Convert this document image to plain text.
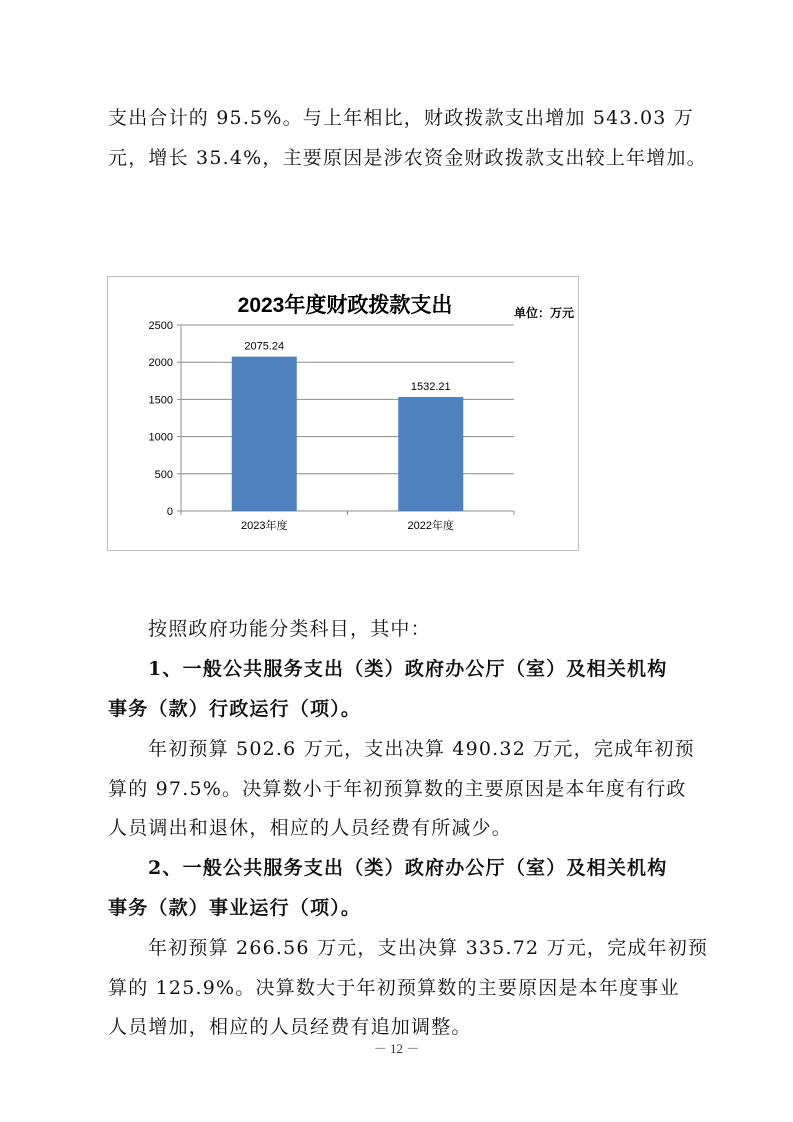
支出合计的 95.5%。与上年相比，财政拨款支出增加 543.03 万
元，增长 35.4%，主要原因是涉农资金财政拨款支出较上年增加。
2023年度财政拨款支出	单位：万元
0
500
1000
1500
2000
2500
2023年度	2022年度
2075.24
1532.21
按照政府功能分类科目，其中：
1、一般公共服务支出（类）政府办公厅（室）及相关机构
事务（款）行政运行（项）。
年初预算 502.6 万元，支出决算 490.32 万元，完成年初预
算的 97.5%。决算数小于年初预算数的主要原因是本年度有行政
人员调出和退休，相应的人员经费有所减少。
2、一般公共服务支出（类）政府办公厅（室）及相关机构
事务（款）事业运行（项）。
年初预算 266.56 万元，支出决算 335.72 万元，完成年初预
算的 125.9%。决算数大于年初预算数的主要原因是本年度事业
人员增加，相应的人员经费有追加调整。
－ 12 －
